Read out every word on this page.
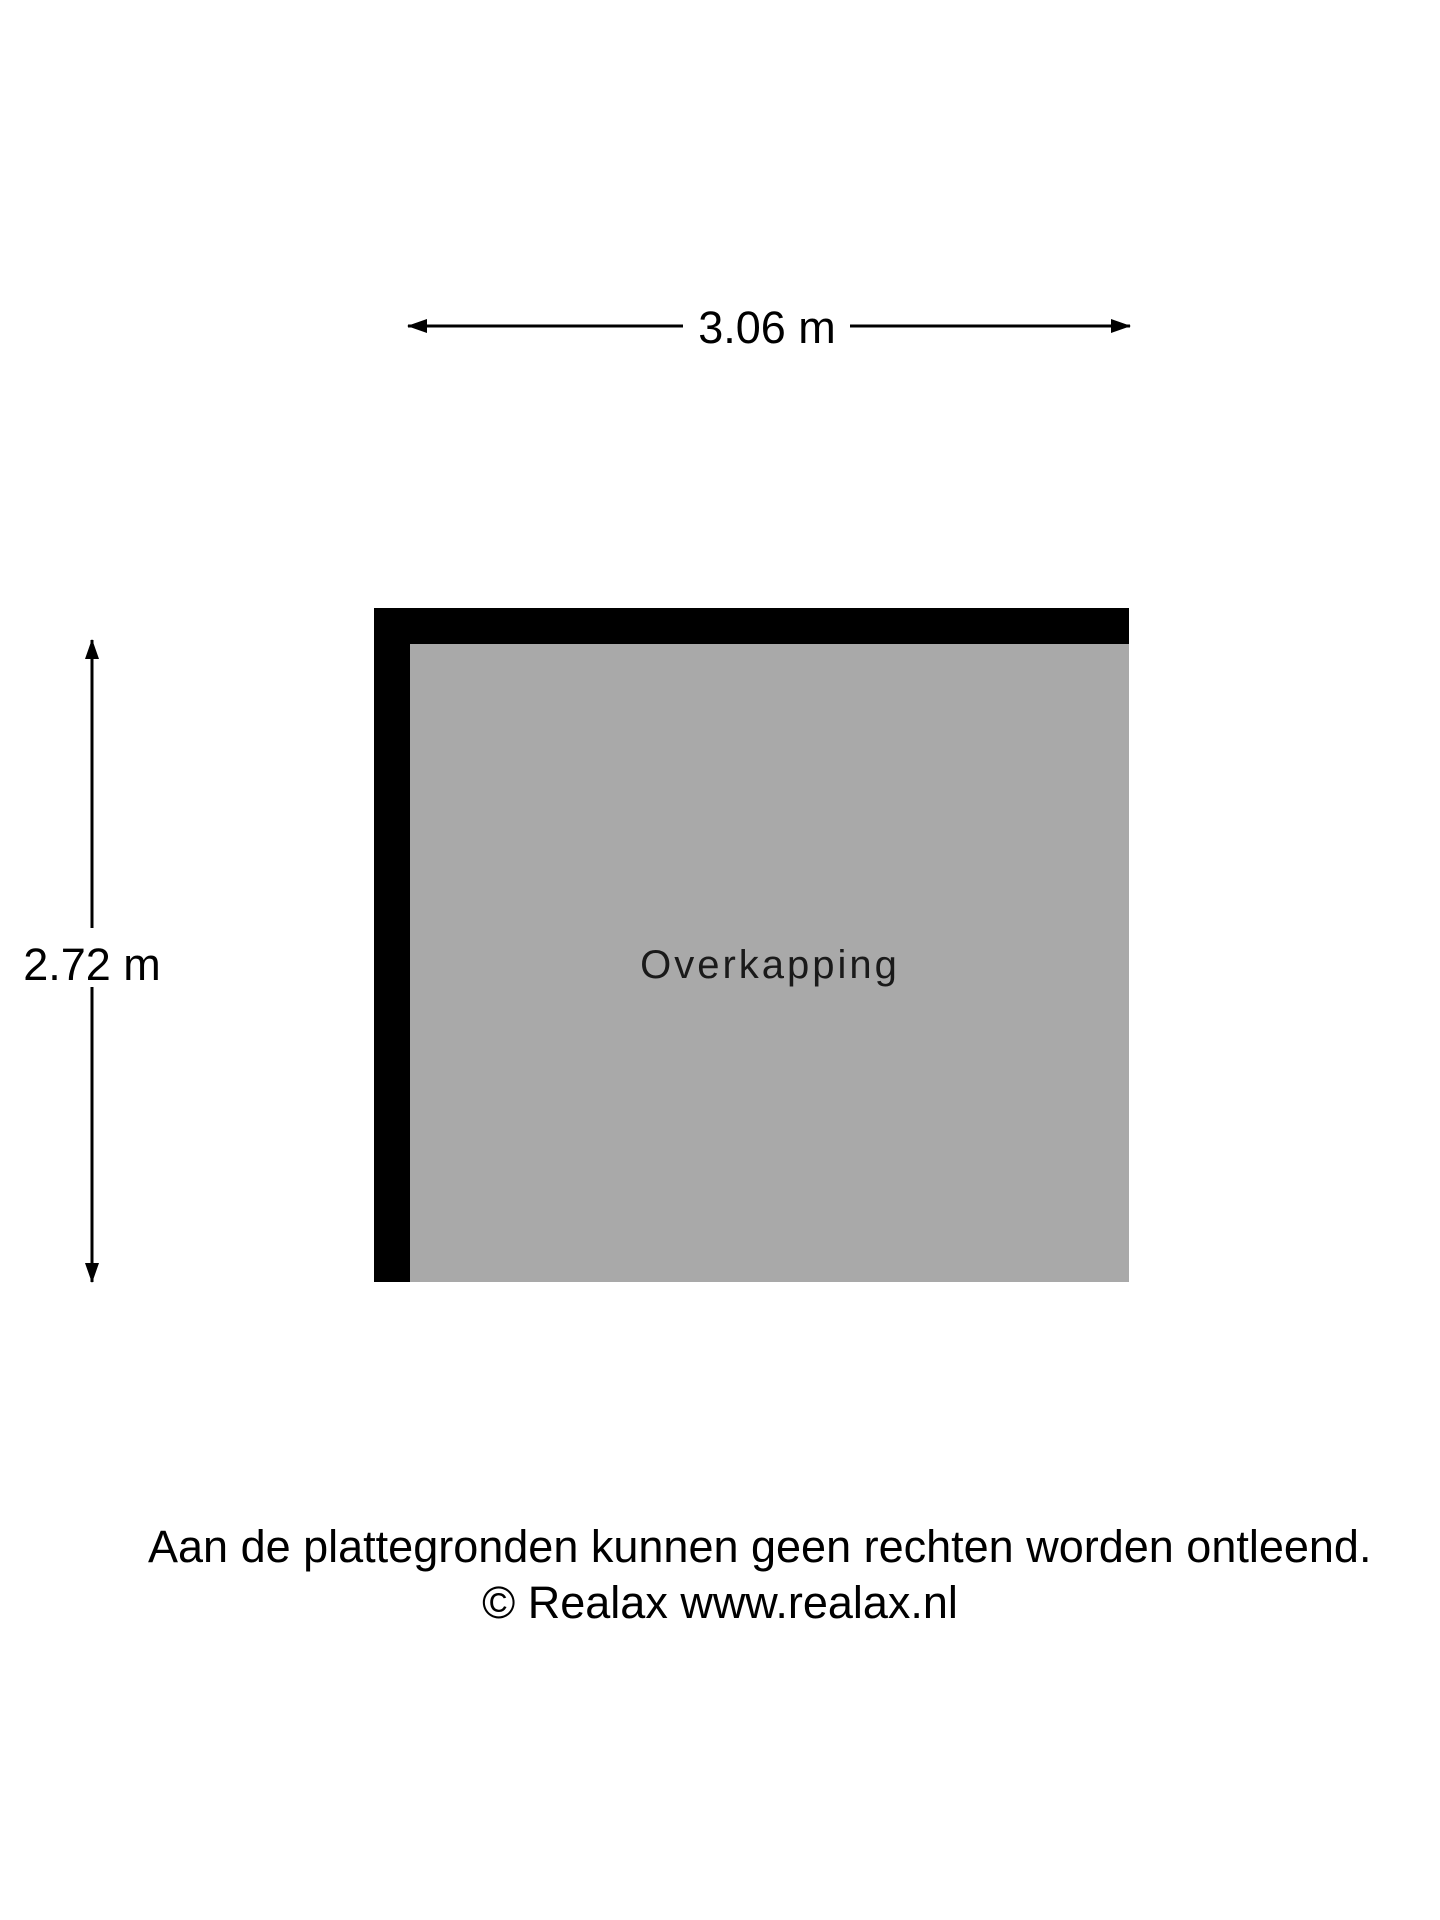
3.06 m
2.72 m	Overkapping
Aan de plattegronden kunnen geen rechten worden ontleend.
© Realax www.realax.nl
